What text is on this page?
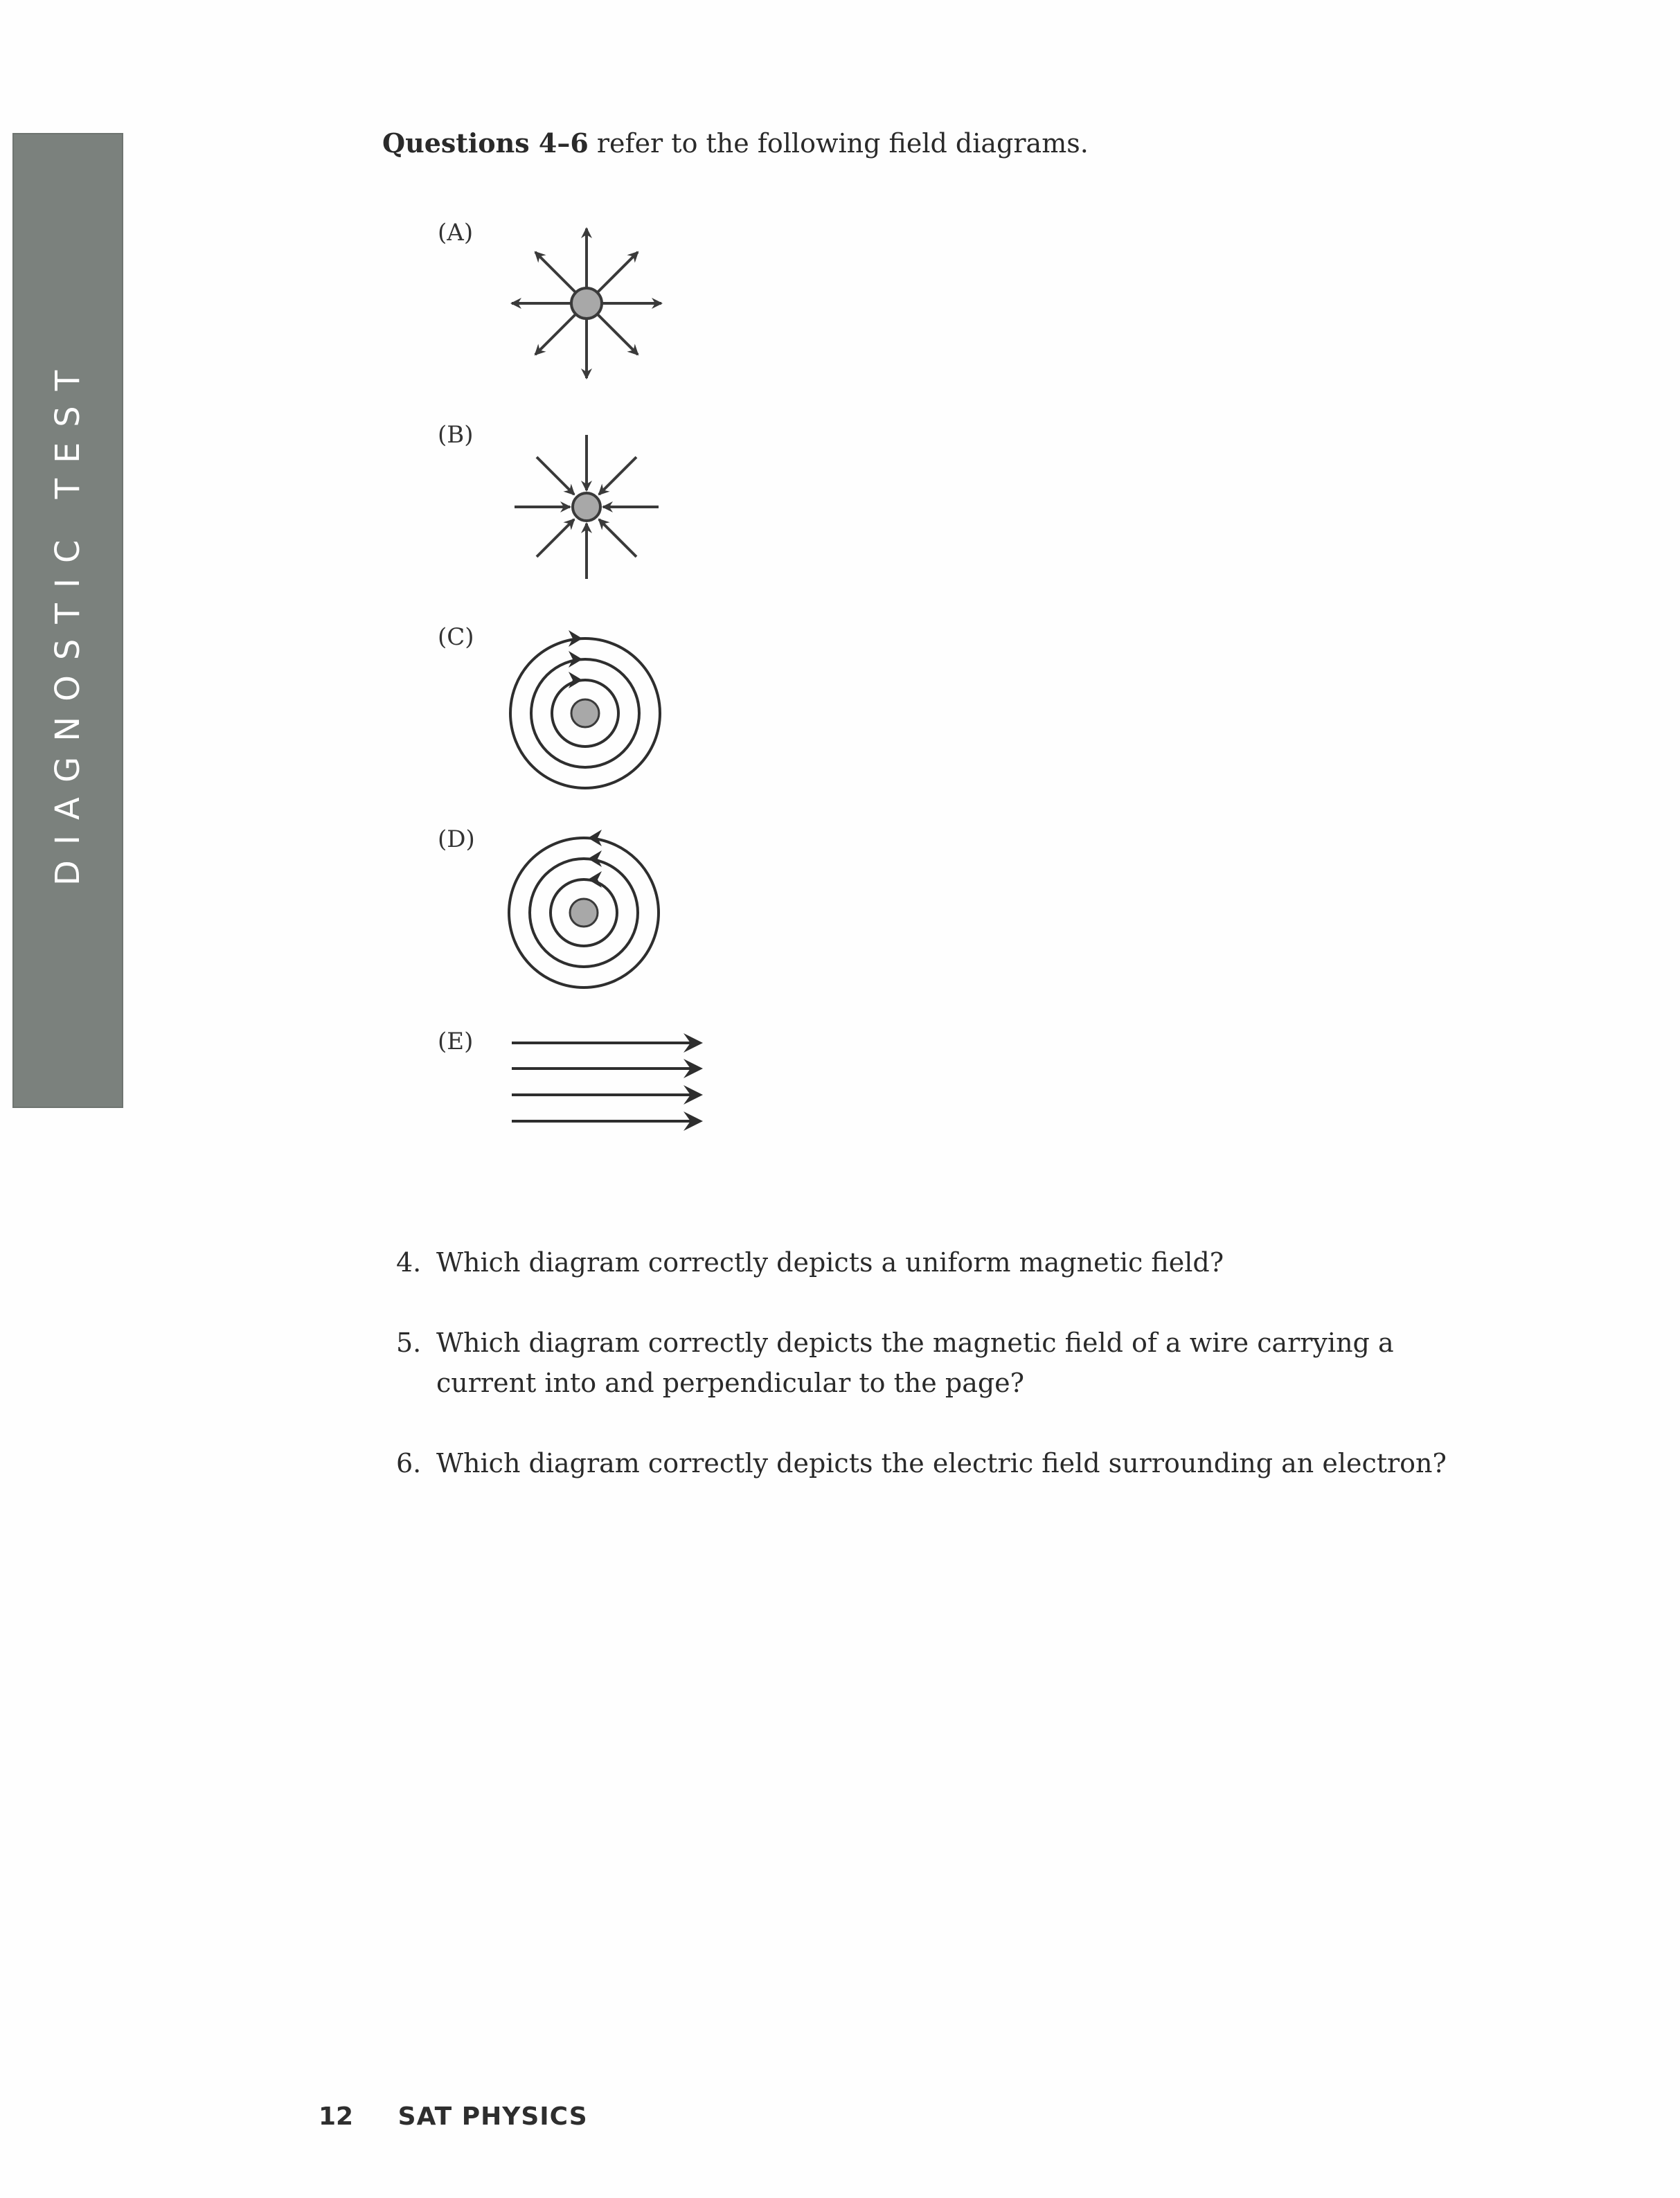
DIAGNOSTIC TEST
Questions 4–6 refer to the following field diagrams.
(A)
(B)
(C)
(D)
(E)
4. Which diagram correctly depicts a uniform magnetic field?
5. Which diagram correctly depicts the magnetic field of a wire carrying a current into and perpendicular to the page?
6. Which diagram correctly depicts the electric field surrounding an electron?
12 SAT PHYSICS
